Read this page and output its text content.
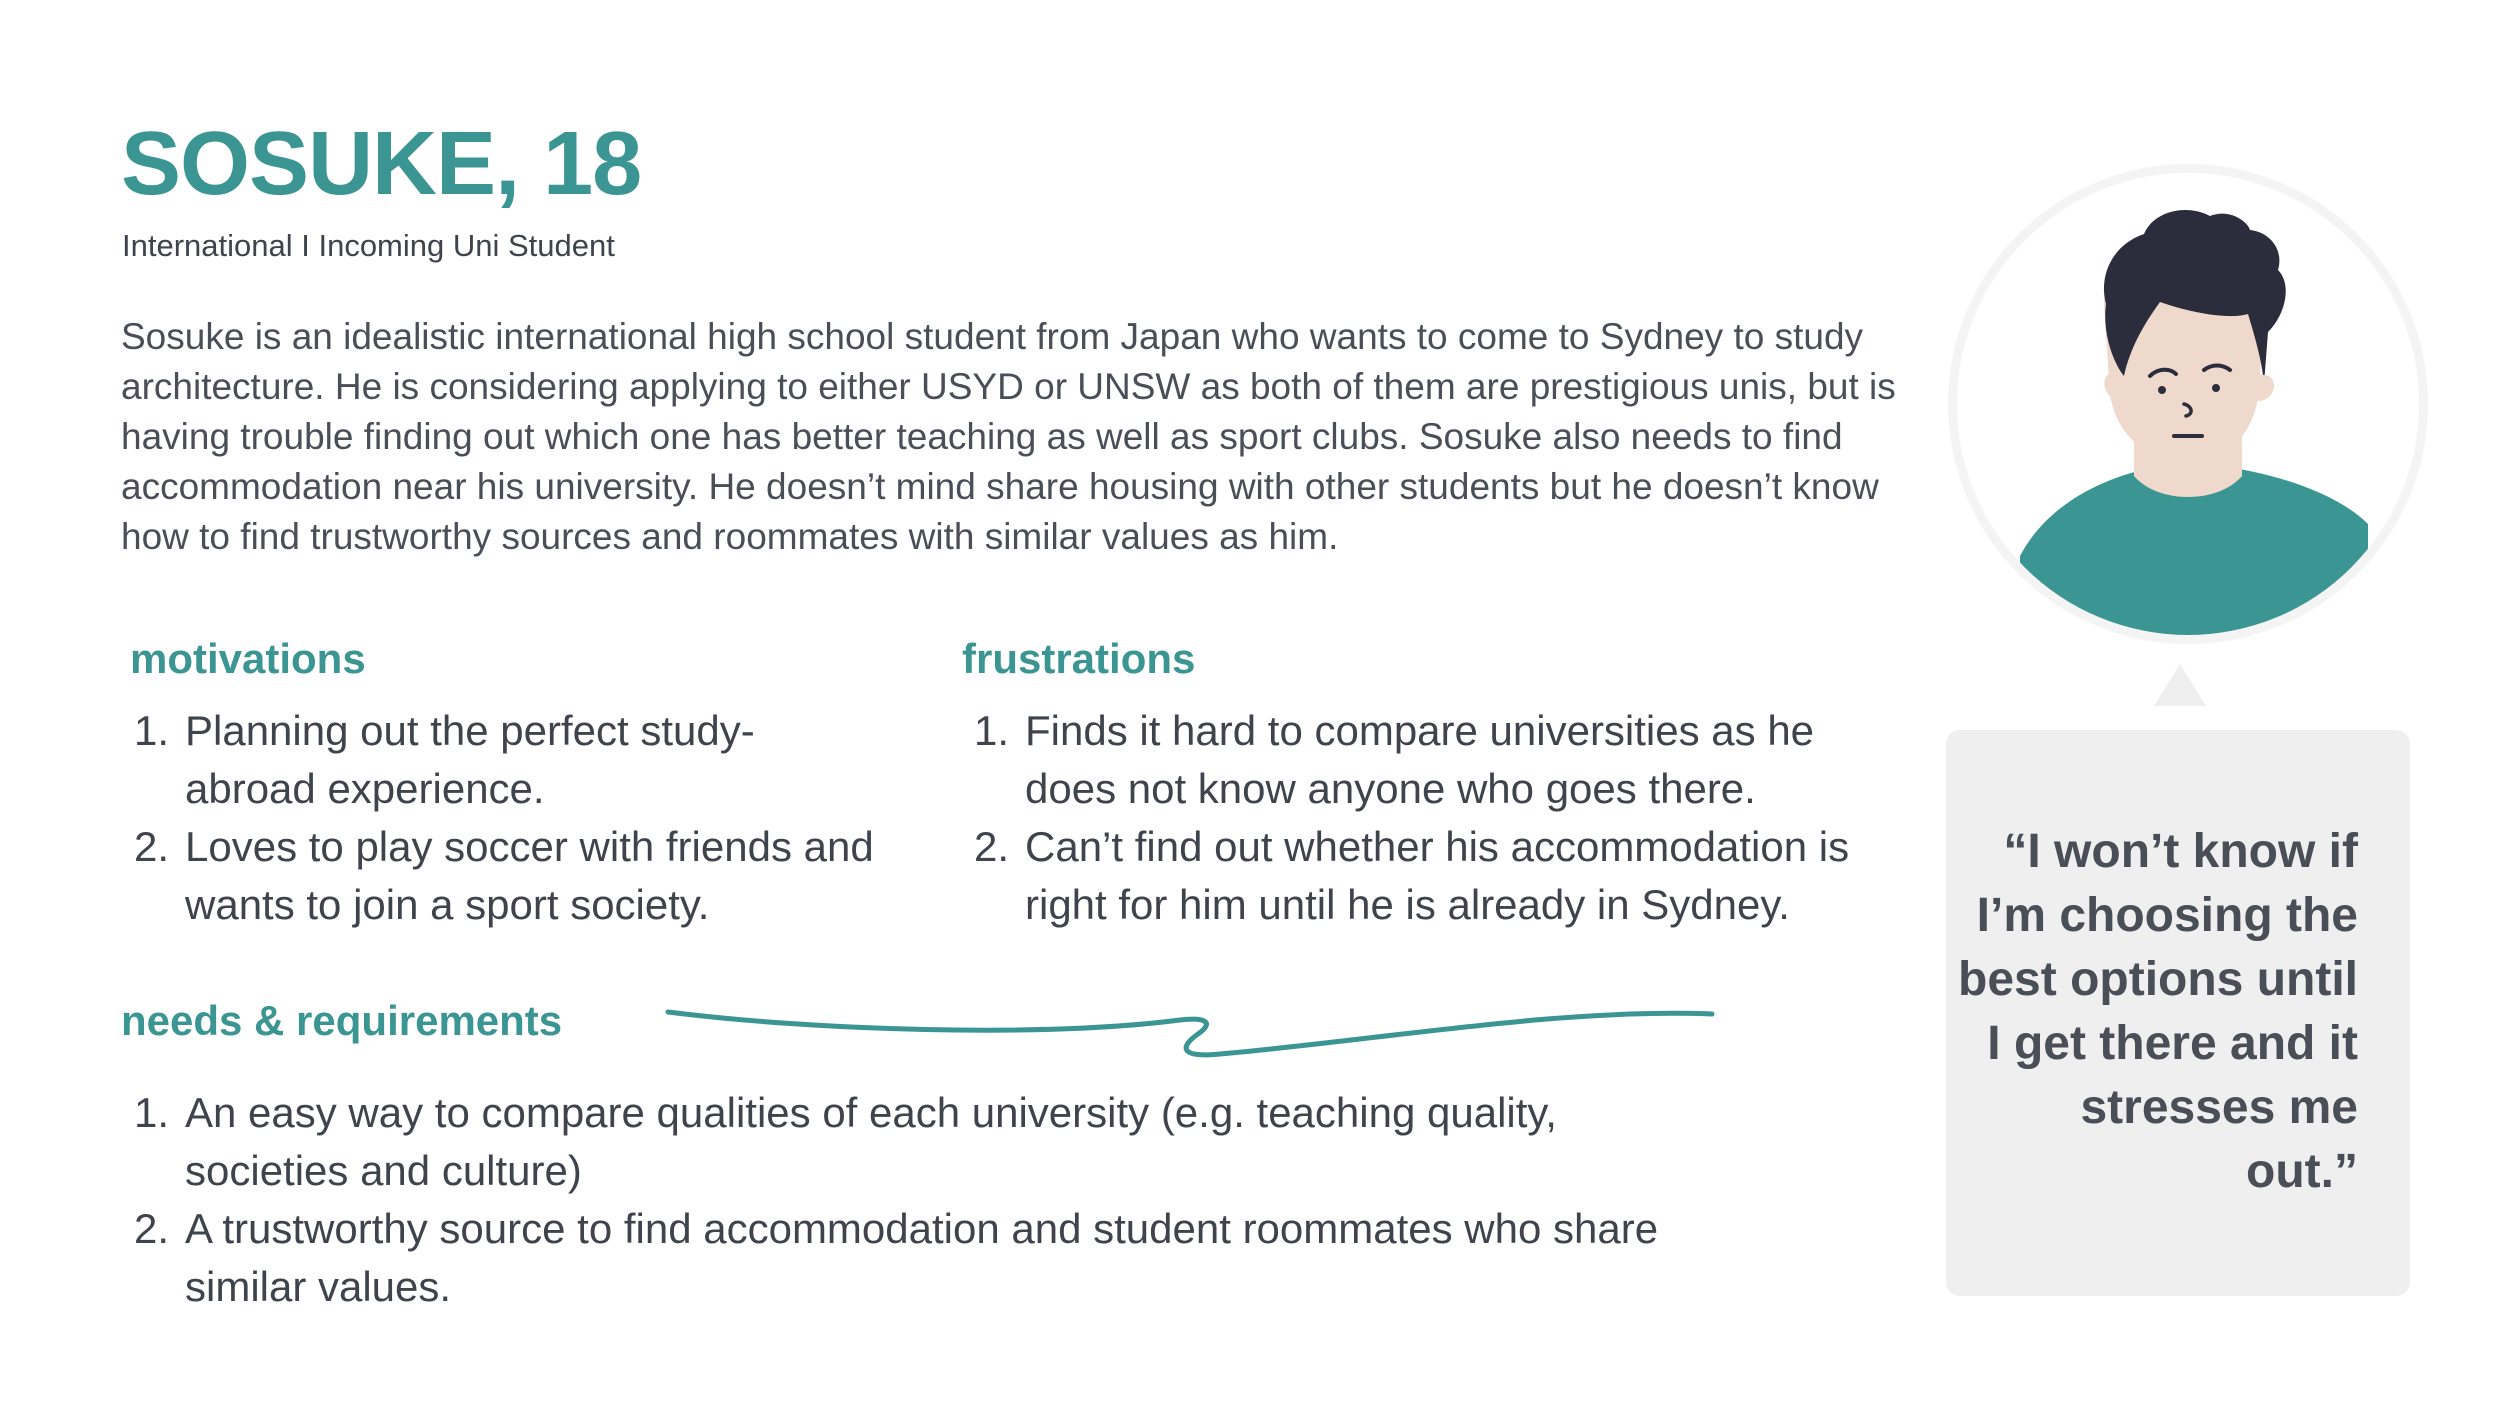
SOSUKE, 18
International I Incoming Uni Student

Sosuke is an idealistic international high school student from Japan who wants to come to Sydney to study architecture. He is considering applying to either USYD or UNSW as both of them are prestigious unis, but is having trouble finding out which one has better teaching as well as sport clubs. Sosuke also needs to find accommodation near his university. He doesn’t mind share housing with other students but he doesn’t know how to find trustworthy sources and roommates with similar values as him.

motivations
1. Planning out the perfect study-abroad experience.
2. Loves to play soccer with friends and wants to join a sport society.
frustrations
1. Finds it hard to compare universities as he does not know anyone who goes there.
2. Can’t find out whether his accommodation is right for him until he is already in Sydney.
needs & requirements
1. An easy way to compare qualities of each university (e.g. teaching quality, societies and culture)
2. A trustworthy source to find accommodation and student roommates who share similar values.

“I won’t know if I’m choosing the best options until I get there and it stresses me out.”
